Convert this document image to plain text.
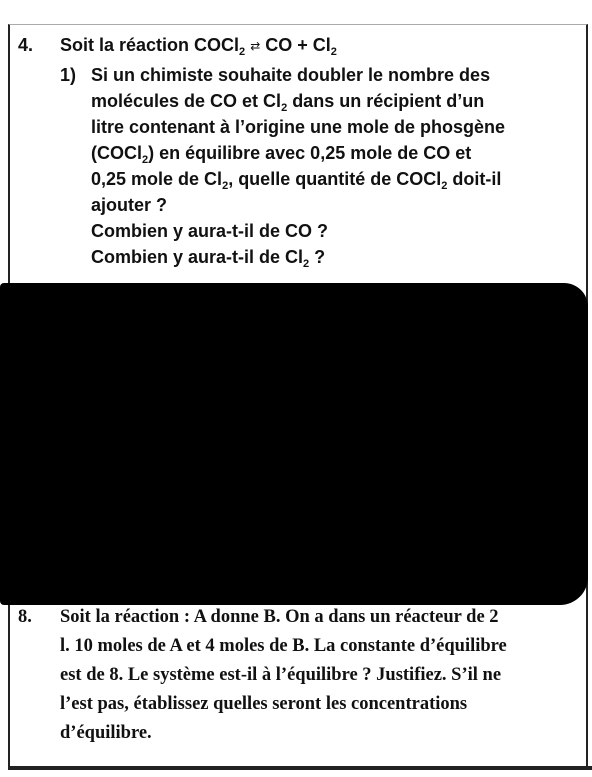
4. Soit la réaction COCl$_2$ ⇄ CO + $Cl_2$
1) Si un chimiste souhaite doubler le nombre des
molécules de CO et $Cl_2$ dans un récipient d’un
litre contenant à l’origine une mole de phosgène
(COCl$_2$) en équilibre avec 0,25 mole de CO et
0,25 mole de $Cl_2$, quelle quantité de COCl$_2$ doit-il
ajouter ?
Combien y aura-t-il de CO ?
Combien y aura-t-il de $Cl_2$ ?
8. Soit la réaction : A donne B. On a dans un réacteur de 2
l. 10 moles de A et 4 moles de B. La constante d’équilibre
est de 8. Le système est-il à l’équilibre ? Justifiez. S’il ne
l’est pas, établissez quelles seront les concentrations
d’équilibre.
